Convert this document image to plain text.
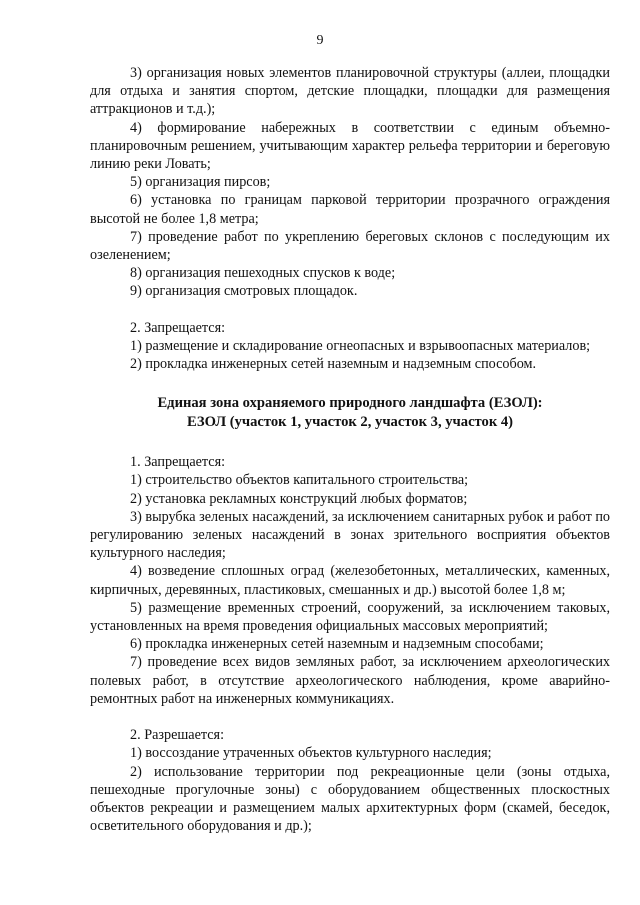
9

3) организация новых элементов планировочной структуры (аллеи, площадки для отдыха и занятия спортом, детские площадки, площадки для размещения аттракционов и т.д.);

4) формирование набережных в соответствии с единым объемно-планировочным решением, учитывающим характер рельефа территории и береговую линию реки Ловать;

5) организация пирсов;

6) установка по границам парковой территории прозрачного ограждения высотой не более 1,8 метра;

7) проведение работ по укреплению береговых склонов с последующим их озеленением;

8) организация пешеходных спусков к воде;

9) организация смотровых площадок.

2. Запрещается:

1) размещение и складирование огнеопасных и взрывоопасных материалов;

2) прокладка инженерных сетей наземным и надземным способом.

Единая зона охраняемого природного ландшафта (ЕЗОЛ):

ЕЗОЛ (участок 1, участок 2, участок 3, участок 4)

1. Запрещается:

1) строительство объектов капитального строительства;

2) установка рекламных конструкций любых форматов;

3) вырубка зеленых насаждений, за исключением санитарных рубок и работ по регулированию зеленых насаждений в зонах зрительного восприятия объектов культурного наследия;

4) возведение сплошных оград (железобетонных, металлических, каменных, кирпичных, деревянных, пластиковых, смешанных и др.) высотой более 1,8 м;

5) размещение временных строений, сооружений, за исключением таковых, установленных на время проведения официальных массовых мероприятий;

6) прокладка инженерных сетей наземным и надземным способами;

7) проведение всех видов земляных работ, за исключением археологических полевых работ, в отсутствие археологического наблюдения, кроме аварийно-ремонтных работ на инженерных коммуникациях.

2. Разрешается:

1) воссоздание утраченных объектов культурного наследия;

2) использование территории под рекреационные цели (зоны отдыха, пешеходные прогулочные зоны) с оборудованием общественных плоскостных объектов рекреации и размещением малых архитектурных форм (скамей, беседок, осветительного оборудования и др.);
